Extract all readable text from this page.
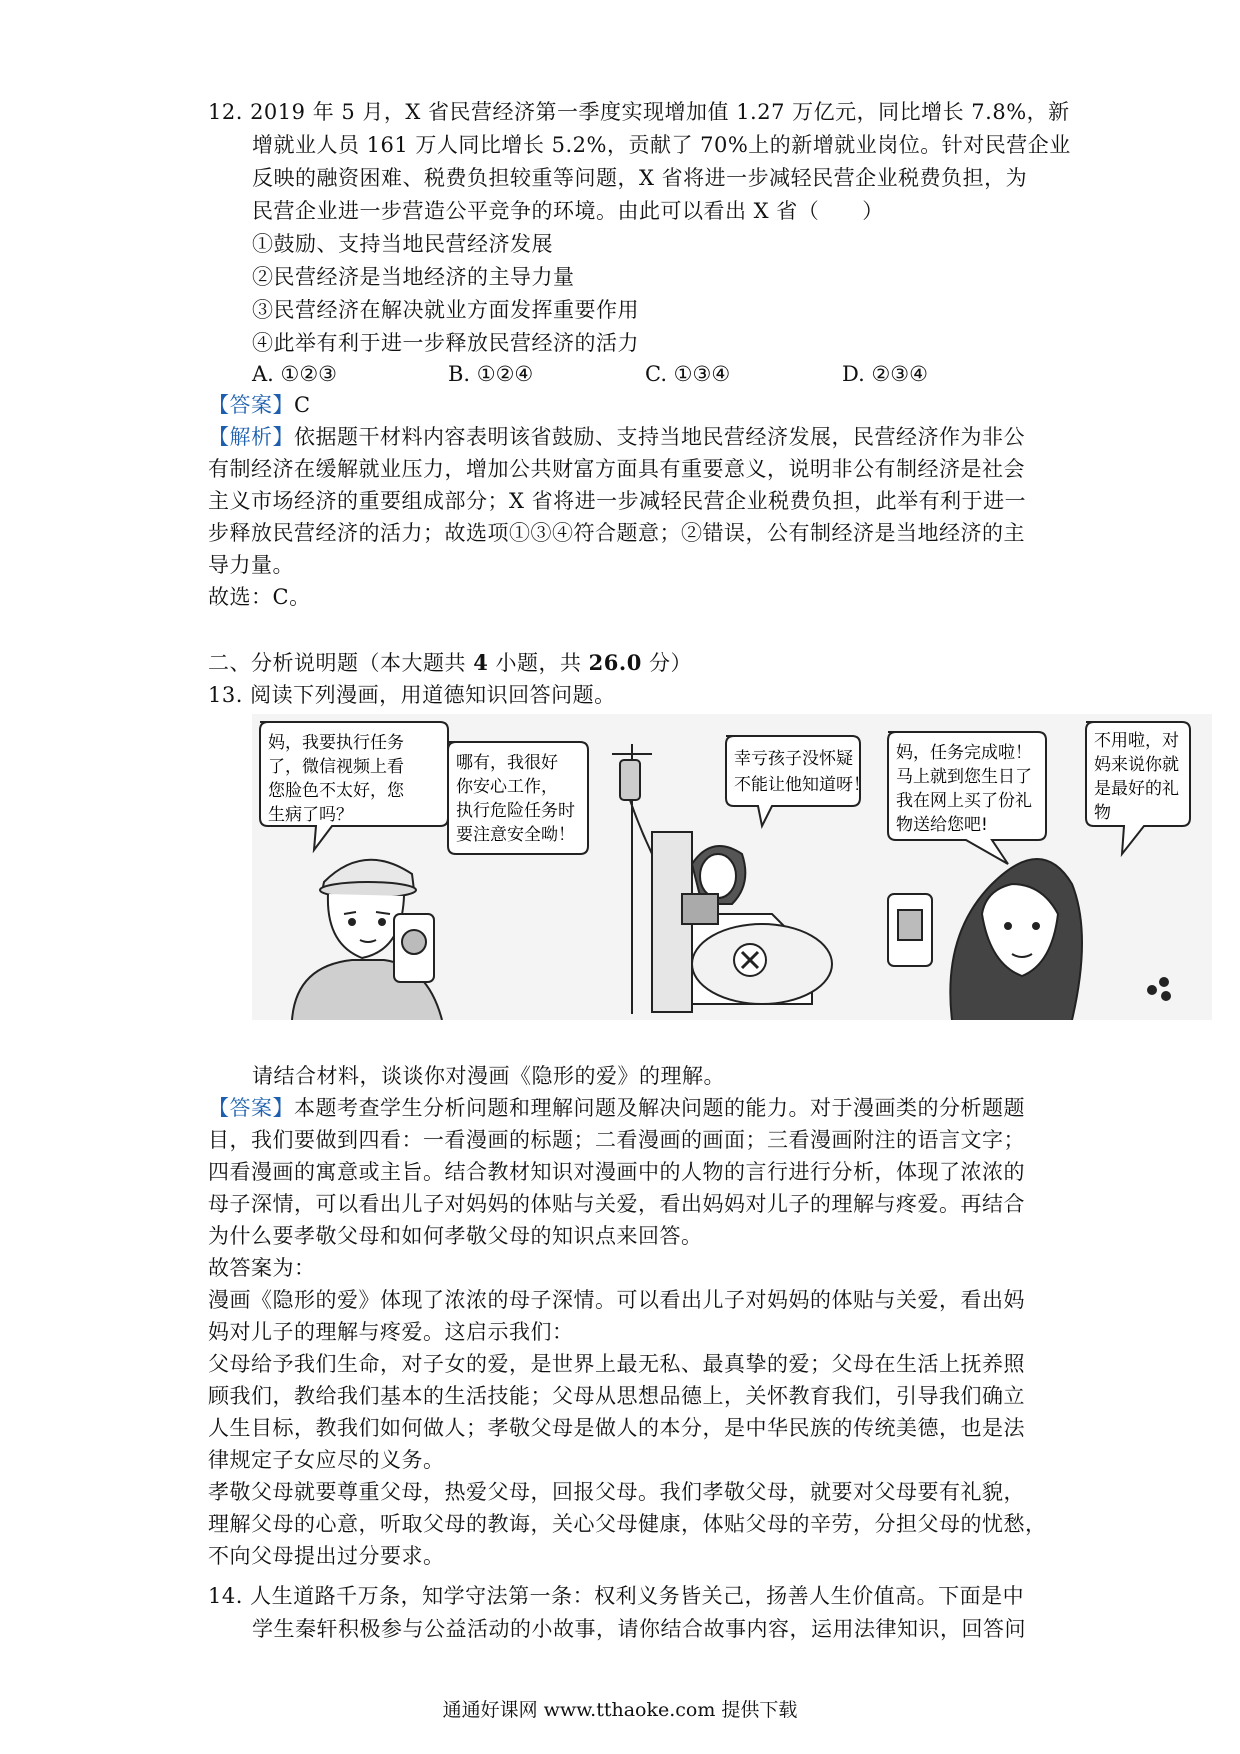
12. 2019 年 5 月，X 省民营经济第一季度实现增加值 1.27 万亿元，同比增长 7.8%，新
增就业人员 161 万人同比增长 5.2%，贡献了 70%上的新增就业岗位。针对民营企业
反映的融资困难、税费负担较重等问题，X 省将进一步减轻民营企业税费负担，为
民营企业进一步营造公平竞争的环境。由此可以看出 X 省（　　）
①鼓励、支持当地民营经济发展
②民营经济是当地经济的主导力量
③民营经济在解决就业方面发挥重要作用
④此举有利于进一步释放民营经济的活力
A. ①②③	B. ①②④	C. ①③④	D. ②③④
【答案】C
【解析】依据题干材料内容表明该省鼓励、支持当地民营经济发展，民营经济作为非公
有制经济在缓解就业压力，增加公共财富方面具有重要意义，说明非公有制经济是社会
主义市场经济的重要组成部分；X 省将进一步减轻民营企业税费负担，此举有利于进一
步释放民营经济的活力；故选项①③④符合题意；②错误，公有制经济是当地经济的主
导力量。
故选：C。
二、分析说明题（本大题共 4 小题，共 26.0 分）
13. 阅读下列漫画，用道德知识回答问题。
妈，我要执行任务
了，微信视频上看
您脸色不太好，您
生病了吗？
哪有，我很好
你安心工作，
执行危险任务时
要注意安全呦！
幸亏孩子没怀疑
不能让他知道呀！
妈，任务完成啦！
马上就到您生日了
我在网上买了份礼
物送给您吧!
不用啦，对
妈来说你就
是最好的礼
物
请结合材料，谈谈你对漫画《隐形的爱》的理解。
【答案】本题考查学生分析问题和理解问题及解决问题的能力。对于漫画类的分析题题
目，我们要做到四看：一看漫画的标题；二看漫画的画面；三看漫画附注的语言文字；
四看漫画的寓意或主旨。结合教材知识对漫画中的人物的言行进行分析，体现了浓浓的
母子深情，可以看出儿子对妈妈的体贴与关爱，看出妈妈对儿子的理解与疼爱。再结合
为什么要孝敬父母和如何孝敬父母的知识点来回答。
故答案为：
漫画《隐形的爱》体现了浓浓的母子深情。可以看出儿子对妈妈的体贴与关爱，看出妈
妈对儿子的理解与疼爱。这启示我们：
父母给予我们生命，对子女的爱，是世界上最无私、最真挚的爱；父母在生活上抚养照
顾我们，教给我们基本的生活技能；父母从思想品德上，关怀教育我们，引导我们确立
人生目标，教我们如何做人；孝敬父母是做人的本分，是中华民族的传统美德，也是法
律规定子女应尽的义务。
孝敬父母就要尊重父母，热爱父母，回报父母。我们孝敬父母，就要对父母要有礼貌，
理解父母的心意，听取父母的教诲，关心父母健康，体贴父母的辛劳，分担父母的忧愁，
不向父母提出过分要求。
14. 人生道路千万条，知学守法第一条：权利义务皆关己，扬善人生价值高。下面是中
学生秦轩积极参与公益活动的小故事，请你结合故事内容，运用法律知识，回答问
通通好课网 www.tthaoke.com 提供下载
